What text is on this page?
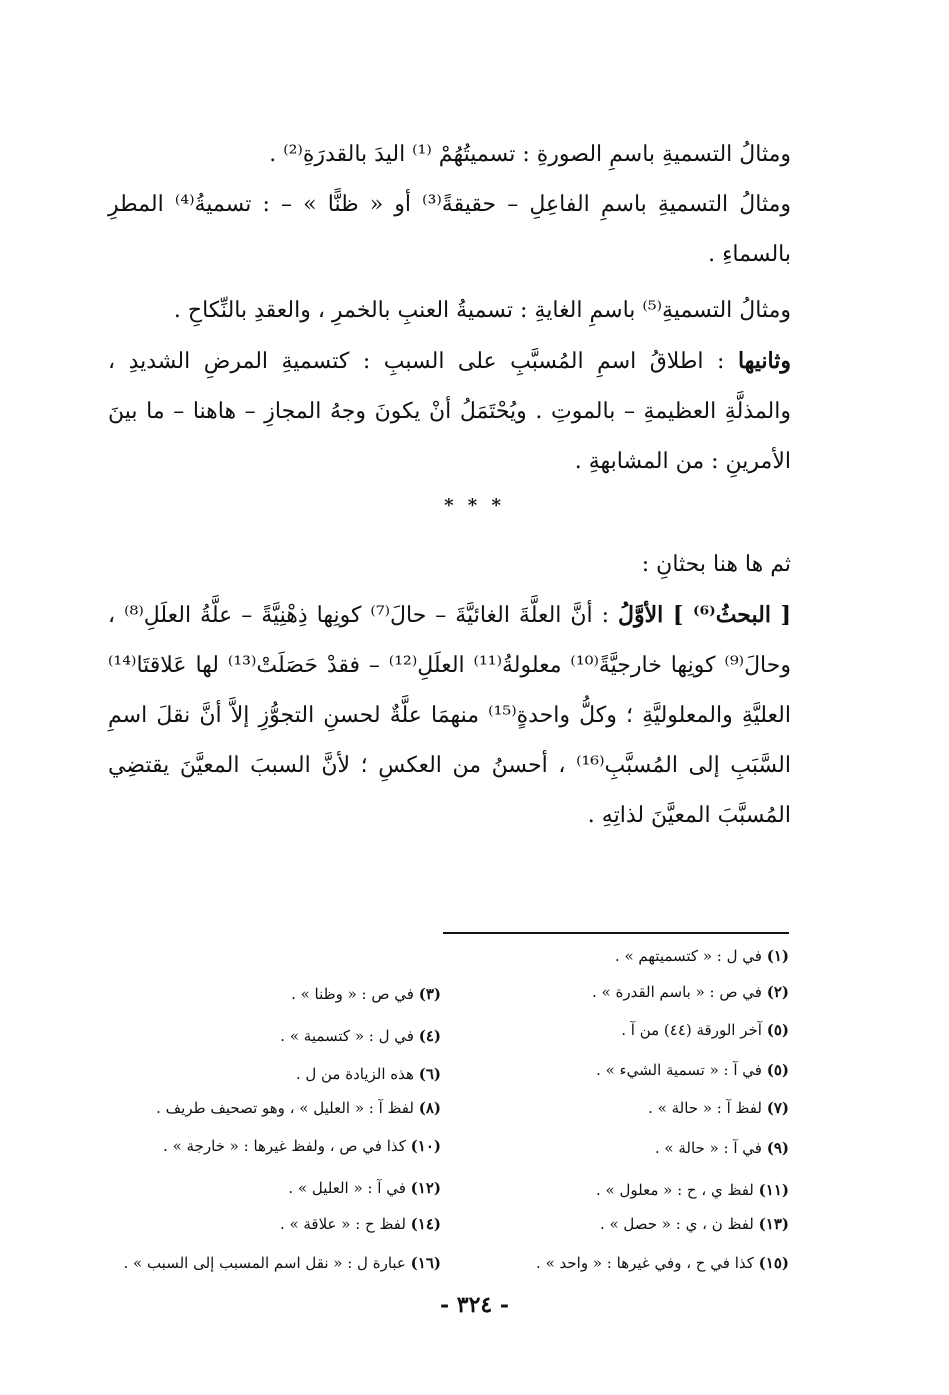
ومثالُ التسميةِ باسمِ الصورةِ : تسميتُهُمْ ⁽¹⁾ اليدَ بالقدرَةِ⁽²⁾ .

ومثالُ التسميةِ باسمِ الفاعِلِ – حقيقةً⁽³⁾ أو « ظنًّا » – : تسميةُ⁽⁴⁾ المطرِ بالسماءِ .

ومثالُ التسميةِ⁽⁵⁾ باسمِ الغايةِ : تسميةُ العنبِ بالخمرِ ، والعقدِ بالنِّكاحِ .

وثانيها : اطلاقُ اسمِ المُسبَّبِ على السببِ : كتسميةِ المرضِ الشديدِ ، والمذلَّةِ العظيمةِ – بالموتِ . ويُحْتَمَلُ أنْ يكونَ وجهُ المجازِ – هاهنا – ما بينَ الأمرينِ : من المشابهةِ .

* * *

ثم ها هنا بحثانِ :

[ البحثُ⁽⁶⁾ ] الأوَّلُ : أنَّ العلَّةَ الغائيَّةَ – حالَ⁽⁷⁾ كونِها ذِهْنِيَّةً – علَّةُ العلَلِ⁽⁸⁾ ، وحالَ⁽⁹⁾ كونِها خارجيَّةً⁽¹⁰⁾ معلولةُ⁽¹¹⁾ العلَلِ⁽¹²⁾ – فقدْ حَصَلَتْ⁽¹³⁾ لها عَلاقتَا⁽¹⁴⁾ العليَّةِ والمعلوليَّةِ ؛ وكلُّ واحدةٍ⁽¹⁵⁾ منهمَا علَّةٌ لحسنِ التجوُّزِ إلاَّ أنَّ نقلَ اسمِ السَّبَبِ إلى المُسبَّبِ⁽¹⁶⁾ ، أحسنُ من العكسِ ؛ لأنَّ السببَ المعيَّنَ يقتضِي المُسبَّبَ المعيَّنَ لذاتِهِ .

(١) في ل : « كتسميتهم » .
(٢) في ص : « باسم القدرة » .
(٥) آخر الورقة (٤٤) من آ .
(٥) في آ : « تسمية الشيء » .
(٧) لفظ آ : « حالة » .
(٩) في آ : « حالة » .
(١١) لفظ ي ، ح : « معلول » .
(١٣) لفظ ن ، ي : « حصل » .
(١٥) كذا في ح ، وفي غيرها : « واحد » .
(٣) في ص : « وظنا » .
(٤) في ل : « كتسمية » .
(٦) هذه الزيادة من ل .
(٨) لفظ آ : « العليل » ، وهو تصحيف طريف .
(١٠) كذا في ص ، ولفظ غيرها : « خارجة » .
(١٢) في آ : « العليل » .
(١٤) لفظ ح : « علاقة » .
(١٦) عبارة ل : « نقل اسم المسبب إلى السبب » .
- ٣٢٤ -
